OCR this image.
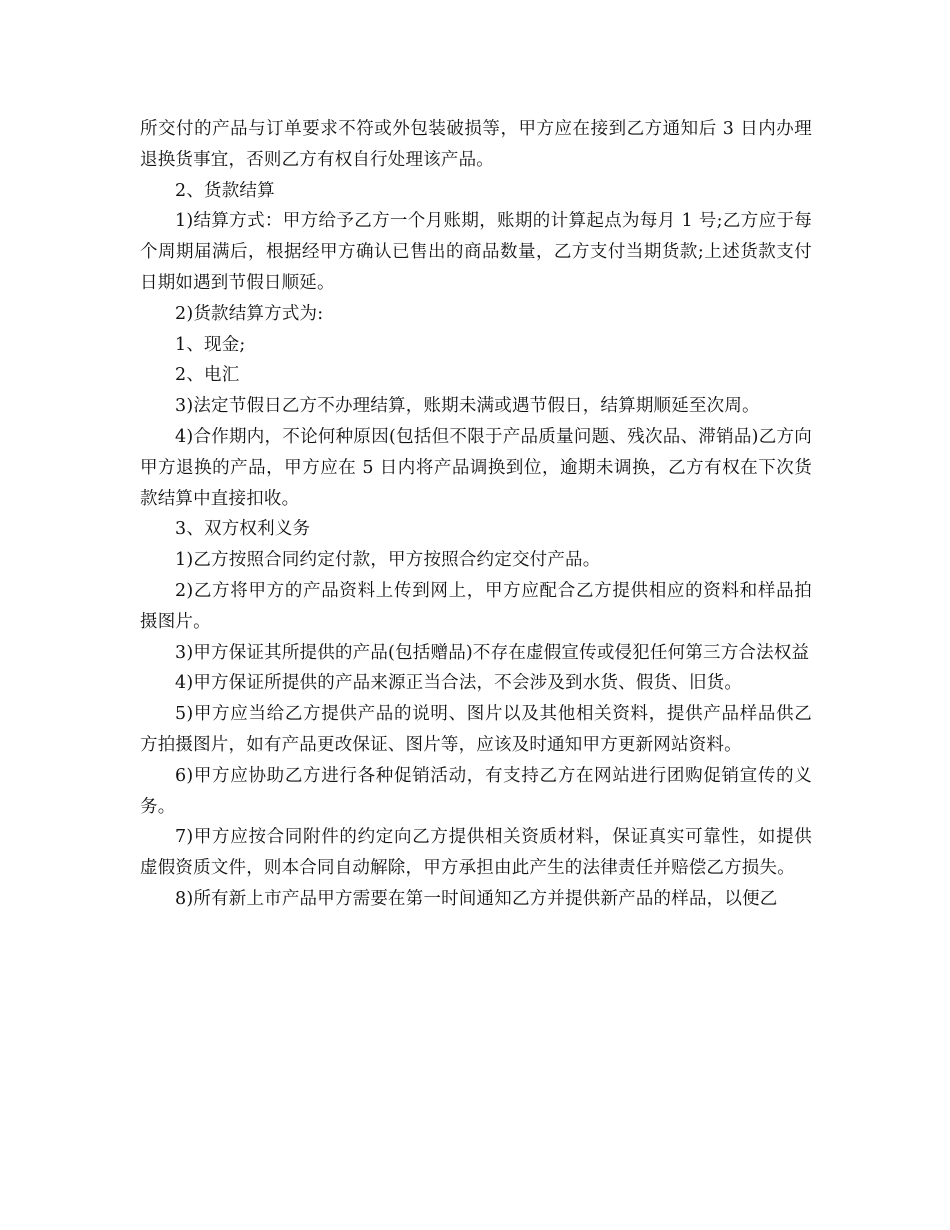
所交付的产品与订单要求不符或外包装破损等，甲方应在接到乙方通知后 3 日内办理退换货事宜，否则乙方有权自行处理该产品。

2、货款结算

1)结算方式：甲方给予乙方一个月账期，账期的计算起点为每月 1 号;乙方应于每个周期届满后，根据经甲方确认已售出的商品数量，乙方支付当期货款;上述货款支付日期如遇到节假日顺延。

2)货款结算方式为:

1、现金;

2、电汇

3)法定节假日乙方不办理结算，账期未满或遇节假日，结算期顺延至次周。

4)合作期内，不论何种原因(包括但不限于产品质量问题、残次品、滞销品)乙方向甲方退换的产品，甲方应在 5 日内将产品调换到位，逾期未调换，乙方有权在下次货款结算中直接扣收。

3、双方权利义务

1)乙方按照合同约定付款，甲方按照合约定交付产品。

2)乙方将甲方的产品资料上传到网上，甲方应配合乙方提供相应的资料和样品拍摄图片。

3)甲方保证其所提供的产品(包括赠品)不存在虚假宣传或侵犯任何第三方合法权益

4)甲方保证所提供的产品来源正当合法，不会涉及到水货、假货、旧货。

5)甲方应当给乙方提供产品的说明、图片以及其他相关资料，提供产品样品供乙方拍摄图片，如有产品更改保证、图片等，应该及时通知甲方更新网站资料。

6)甲方应协助乙方进行各种促销活动，有支持乙方在网站进行团购促销宣传的义务。

7)甲方应按合同附件的约定向乙方提供相关资质材料，保证真实可靠性，如提供虚假资质文件，则本合同自动解除，甲方承担由此产生的法律责任并赔偿乙方损失。

8)所有新上市产品甲方需要在第一时间通知乙方并提供新产品的样品，以便乙
